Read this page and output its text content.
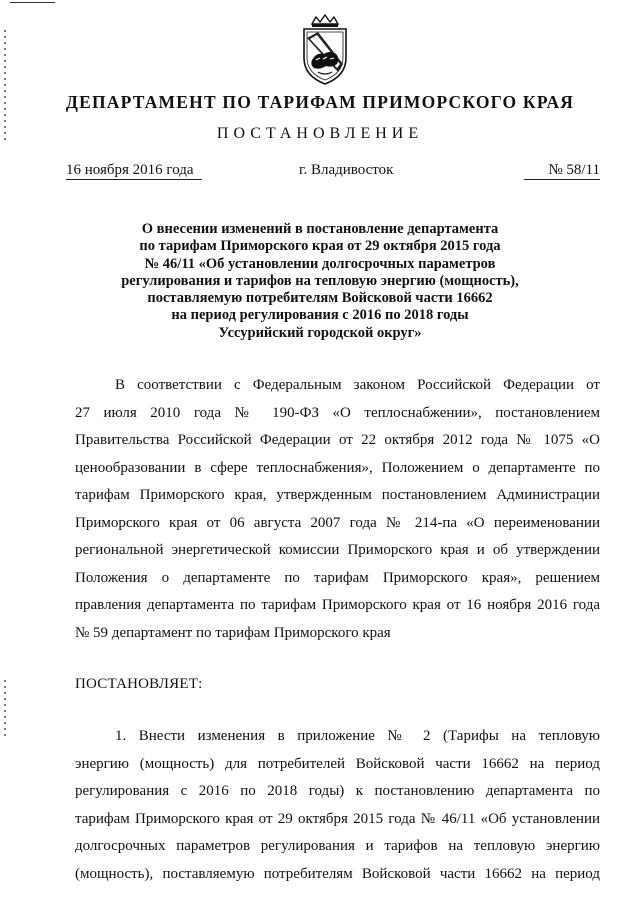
ДЕПАРТАМЕНТ ПО ТАРИФАМ ПРИМОРСКОГО КРАЯ
ПОСТАНОВЛЕНИЕ
16 ноября 2016 года	г. Владивосток	№ 58/11
О внесении изменений в постановление департамента
по тарифам Приморского края от 29 октября 2015 года
№ 46/11 «Об установлении долгосрочных параметров
регулирования и тарифов на тепловую энергию (мощность),
поставляемую потребителям Войсковой части 16662
на период регулирования с 2016 по 2018 годы
Уссурийский городской округ»
В соответствии с Федеральным законом Российской Федерации от
27 июля 2010 года № 190-ФЗ «О теплоснабжении», постановлением
Правительства Российской Федерации от 22 октября 2012 года № 1075 «О
ценообразовании в сфере теплоснабжения», Положением о департаменте по
тарифам Приморского края, утвержденным постановлением Администрации
Приморского края от 06 августа 2007 года № 214-па «О переименовании
региональной энергетической комиссии Приморского края и об утверждении
Положения о департаменте по тарифам Приморского края», решением
правления департамента по тарифам Приморского края от 16 ноября 2016 года
№ 59 департамент по тарифам Приморского края
ПОСТАНОВЛЯЕТ:
1. Внести изменения в приложение № 2 (Тарифы на тепловую
энергию (мощность) для потребителей Войсковой части 16662 на период
регулирования с 2016 по 2018 годы) к постановлению департамента по
тарифам Приморского края от 29 октября 2015 года № 46/11 «Об установлении
долгосрочных параметров регулирования и тарифов на тепловую энергию
(мощность), поставляемую потребителям Войсковой части 16662 на период
